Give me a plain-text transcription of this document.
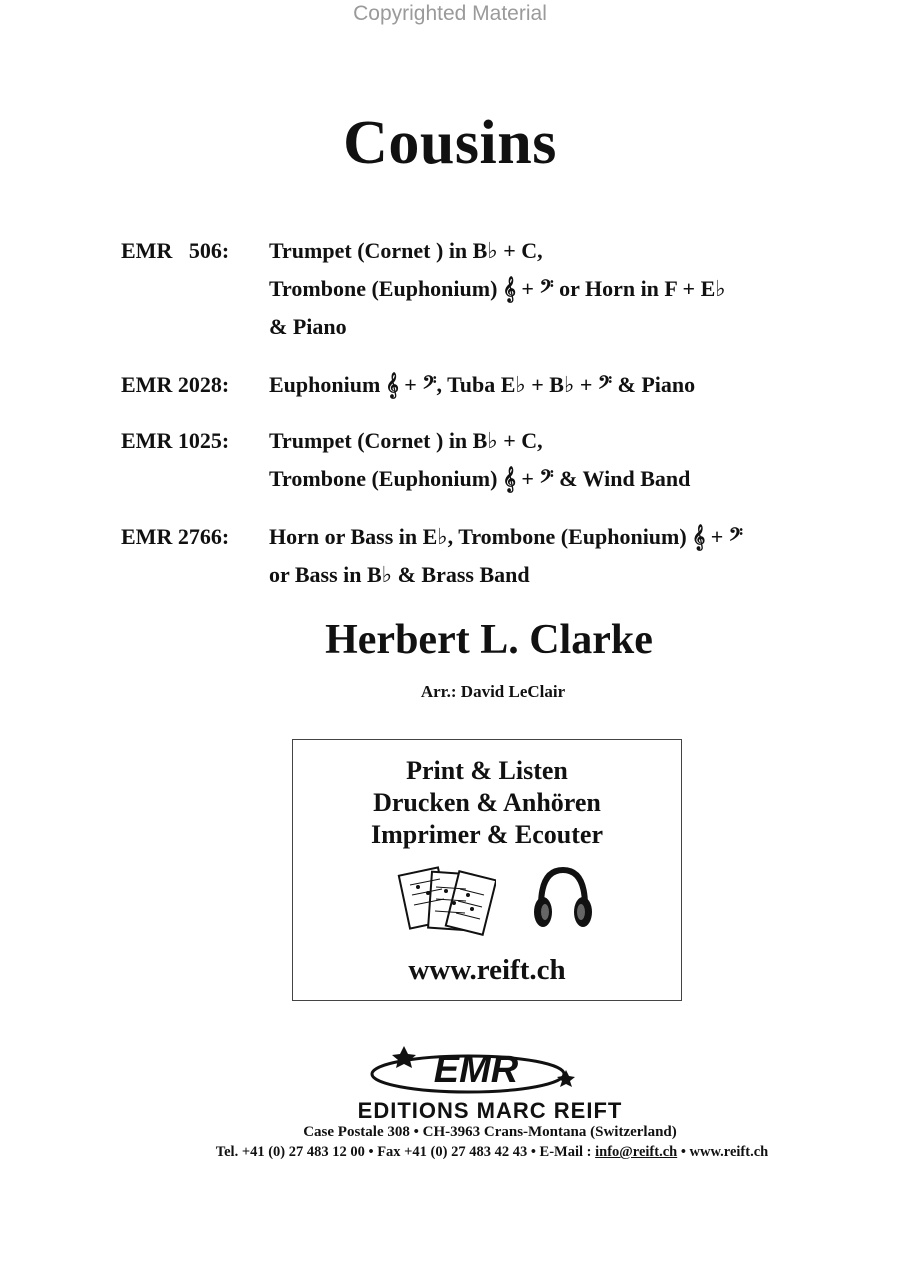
Copyrighted Material
Cousins
EMR   506: Trumpet (Cornet ) in B♭ + C,
Trombone (Euphonium) 𝄞 + 𝄢 or Horn in F + E♭
& Piano
EMR 2028: Euphonium 𝄞 + 𝄢, Tuba E♭ + B♭ + 𝄢 & Piano
EMR 1025: Trumpet (Cornet ) in B♭ + C,
Trombone (Euphonium) 𝄞 + 𝄢 & Wind Band
EMR 2766: Horn or Bass in E♭, Trombone (Euphonium) 𝄞 + 𝄢
or Bass in B♭ & Brass Band
Herbert L. Clarke
Arr.: David LeClair
Print & Listen
Drucken & Anhören
Imprimer & Ecouter
www.reift.ch
EMR
EDITIONS MARC REIFT
Case Postale 308 • CH-3963 Crans-Montana (Switzerland)
Tel. +41 (0) 27 483 12 00 • Fax +41 (0) 27 483 42 43 • E-Mail : info@reift.ch • www.reift.ch
